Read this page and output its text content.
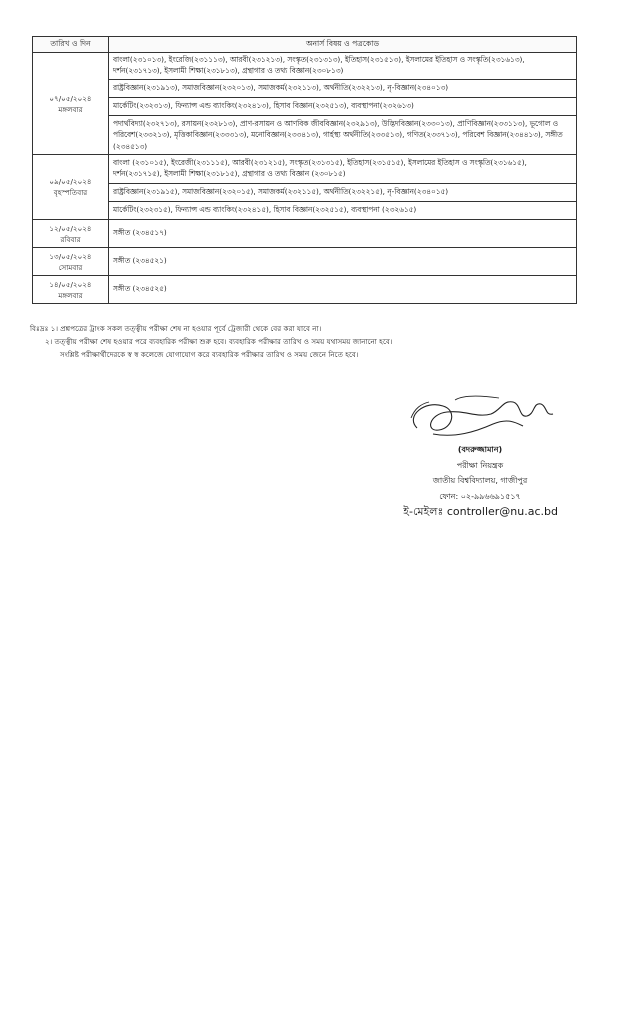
তারিখ ও দিন	অনার্স বিষয় ও পত্রকোড

০৭/০৫/২০২৪
মঙ্গলবার	বাংলা(২৩১০১৩), ইংরেজি(২৩১১১৩), আরবী(২৩১২১৩), সংস্কৃত(২৩১৩১৩), ইতিহাস(২৩১৫১৩), ইসলামের ইতিহাস ও সংস্কৃতি(২৩১৬১৩), দর্শন(২৩১৭১৩), ইসলামী শিক্ষা(২৩১৮১৩), গ্রন্থাগার ও তথ্য বিজ্ঞান(২৩০৮১৩)
	রাষ্ট্রবিজ্ঞান(২৩১৯১৩), সমাজবিজ্ঞান(২৩২০১৩), সমাজকর্ম(২৩২১১৩), অর্থনীতি(২৩২২১৩), নৃ-বিজ্ঞান(২৩৪০১৩)
	মার্কেটিং(২৩২৩১৩), ফিন্যান্স এন্ড ব্যাংকিং(২৩২৪১৩), হিসাব বিজ্ঞান(২৩২৫১৩), ব্যবস্থাপনা(২৩২৬১৩)
	পদার্থবিদ্যা(২৩২৭১৩), রসায়ন(২৩২৮১৩), প্রাণ-রসায়ন ও আণবিক জীববিজ্ঞান(২৩২৯১৩), উদ্ভিদবিজ্ঞান(২৩৩০১৩), প্রাণিবিজ্ঞান(২৩৩১১৩), ভূগোল ও পরিবেশ(২৩৩২১৩), মৃত্তিকাবিজ্ঞান(২৩৩৩১৩), মনোবিজ্ঞান(২৩৩৪১৩), গার্হস্থ্য অর্থনীতি(২৩৩৫১৩), গণিত(২৩৩৭১৩), পরিবেশ বিজ্ঞান(২৩৪৪১৩), সঙ্গীত (২৩৪৫১৩)

০৯/০৫/২০২৪
বৃহস্পতিবার	বাংলা (২৩১০১৫), ইংরেজী(২৩১১১৫), আরবী(২৩১২১৫), সংস্কৃত(২৩১৩১৫), ইতিহাস(২৩১৫১৫), ইসলামের ইতিহাস ও সংস্কৃতি(২৩১৬১৫), দর্শন(২৩১৭১৫), ইসলামী শিক্ষা(২৩১৮১৫), গ্রন্থাগার ও তথ্য বিজ্ঞান (২৩০৮১৫)
	রাষ্ট্রবিজ্ঞান(২৩১৯১৫), সমাজবিজ্ঞান(২৩২০১৫), সমাজকর্ম(২৩২১১৫), অর্থনীতি(২৩২২১৫), নৃ-বিজ্ঞান(২৩৪০১৫)
	মার্কেটিং(২৩২৩১৫), ফিন্যান্স এন্ড ব্যাংকিং(২৩২৪১৫), হিসাব বিজ্ঞান(২৩২৫১৫), ব্যবস্থাপনা (২৩২৬১৫)

১২/০৫/২০২৪
রবিবার	সঙ্গীত (২৩৪৫১৭)

১৩/০৫/২০২৪
সোমবার	সঙ্গীত (২৩৪৫২১)

১৪/০৫/২০২৪
মঙ্গলবার	সঙ্গীত (২৩৪৫২৫)
বিঃদ্রঃ ১। প্রশ্নপত্রের ট্রাংক সকল তত্ত্বীয় পরীক্ষা শেষ না হওয়ার পূর্বে ট্রেজারী থেকে বের করা যাবে না।
২। তত্ত্বীয় পরীক্ষা শেষ হওয়ার পরে ব্যবহারিক পরীক্ষা শুরু হবে। ব্যবহারিক পরীক্ষার তারিখ ও সময় যথাসময় জানানো হবে।
সংশ্লিষ্ট পরীক্ষার্থীদেরকে স্ব স্ব কলেজে যোগাযোগ করে ব্যবহারিক পরীক্ষার তারিখ ও সময় জেনে নিতে হবে।
(বদরুজ্জামান)
পরীক্ষা নিয়ন্ত্রক
জাতীয় বিশ্ববিদ্যালয়, গাজীপুর
ফোন: ০২-৯৯৬৬৯১৫১৭
ই-মেইলঃ controller@nu.ac.bd
